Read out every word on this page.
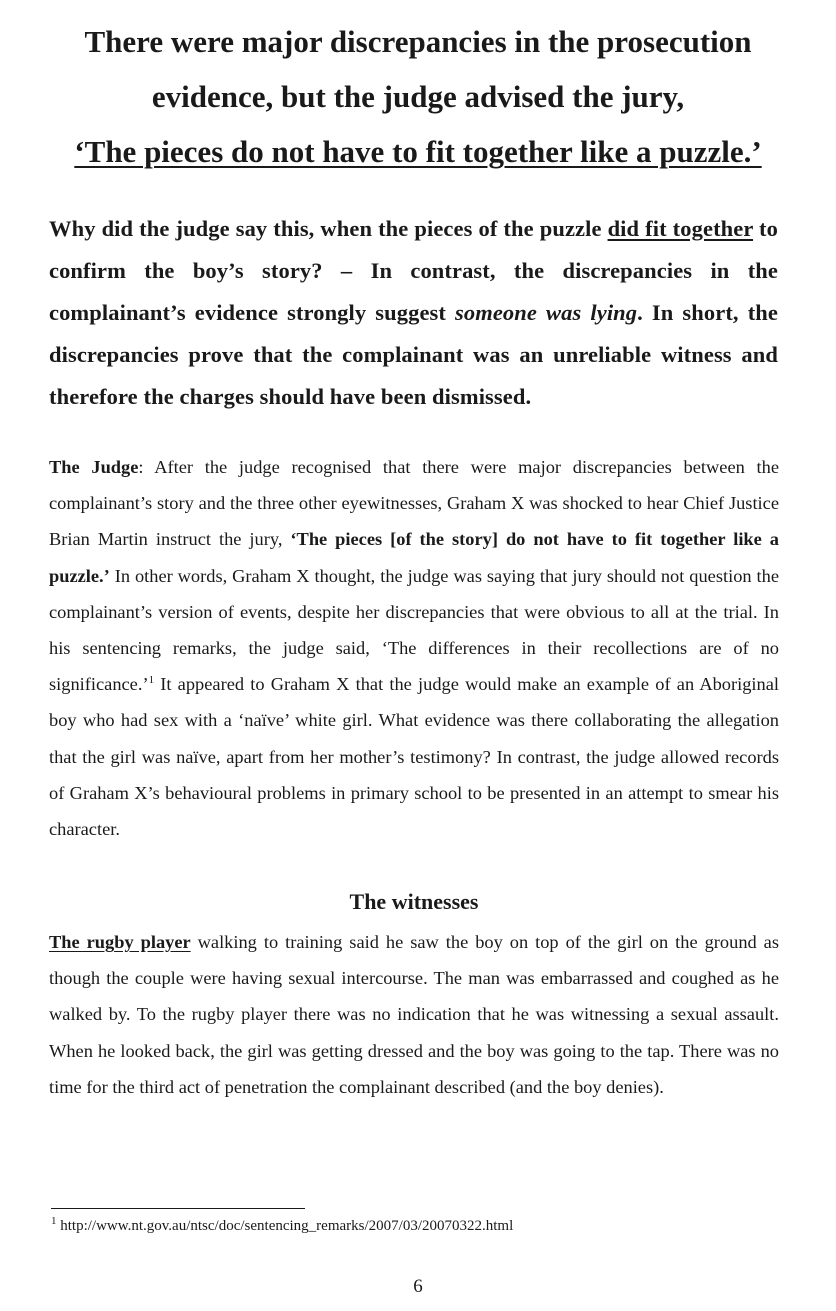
There were major discrepancies in the prosecution
evidence, but the judge advised the jury,
‘The pieces do not have to fit together like a puzzle.’
Why did the judge say this, when the pieces of the puzzle did fit together to confirm the boy’s story? – In contrast, the discrepancies in the complainant’s evidence strongly suggest someone was lying. In short, the discrepancies prove that the complainant was an unreliable witness and therefore the charges should have been dismissed.
The Judge: After the judge recognised that there were major discrepancies between the complainant’s story and the three other eyewitnesses, Graham X was shocked to hear Chief Justice Brian Martin instruct the jury, ‘The pieces [of the story] do not have to fit together like a puzzle.’ In other words, Graham X thought, the judge was saying that jury should not question the complainant’s version of events, despite her discrepancies that were obvious to all at the trial. In his sentencing remarks, the judge said, ‘The differences in their recollections are of no significance.’$^1$ It appeared to Graham X that the judge would make an example of an Aboriginal boy who had sex with a ‘naïve’ white girl. What evidence was there collaborating the allegation that the girl was naïve, apart from her mother’s testimony? In contrast, the judge allowed records of Graham X’s behavioural problems in primary school to be presented in an attempt to smear his character.
The witnesses
The rugby player walking to training said he saw the boy on top of the girl on the ground as though the couple were having sexual intercourse. The man was embarrassed and coughed as he walked by. To the rugby player there was no indication that he was witnessing a sexual assault. When he looked back, the girl was getting dressed and the boy was going to the tap. There was no time for the third act of penetration the complainant described (and the boy denies).
$^1$ http://www.nt.gov.au/ntsc/doc/sentencing_remarks/2007/03/20070322.html
6
